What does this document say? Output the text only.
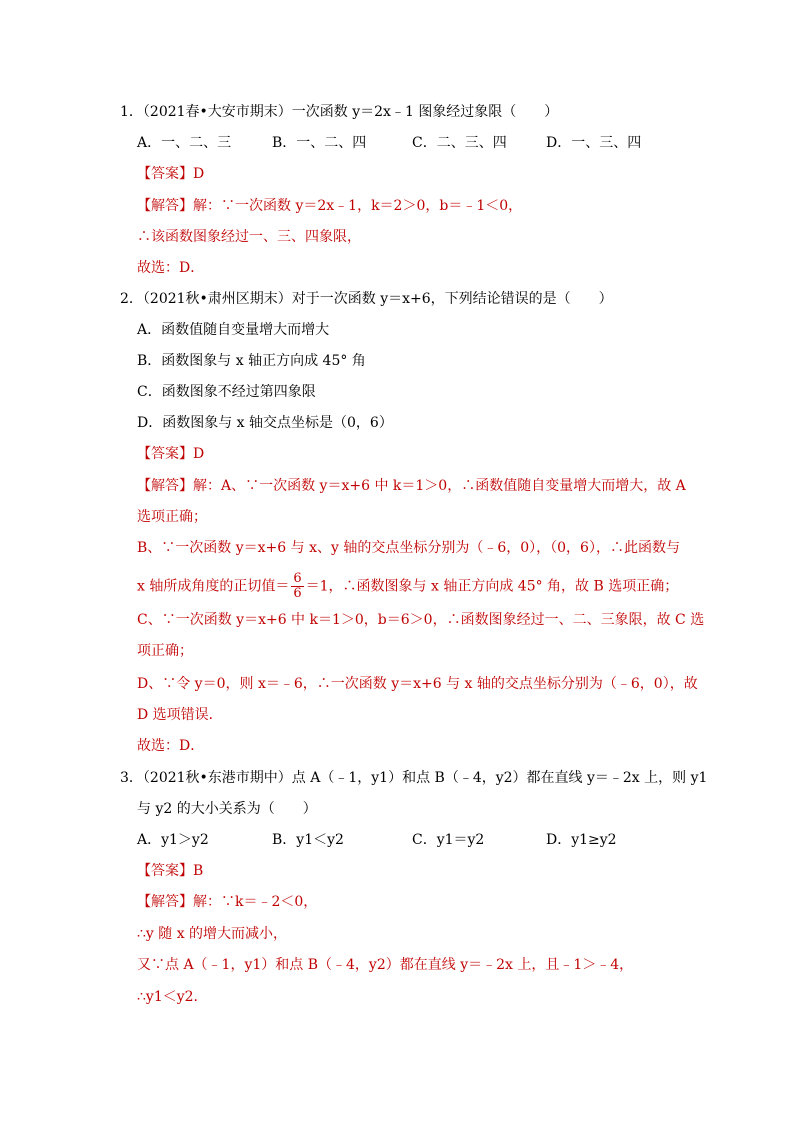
1．（2021春•大安市期末）一次函数 y＝2x﹣1 图象经过象限（　　）
A．一、二、三	B．一、二、四	C．二、三、四	D．一、三、四
【答案】D
【解答】解：∵一次函数 y＝2x﹣1，k＝2＞0，b＝﹣1＜0，
∴该函数图象经过一、三、四象限，
故选：D．
2．（2021秋•肃州区期末）对于一次函数 y＝x+6，下列结论错误的是（　　）
A．函数值随自变量增大而增大
B．函数图象与 x 轴正方向成 45° 角
C．函数图象不经过第四象限
D．函数图象与 x 轴交点坐标是（0，6）
【答案】D
【解答】解：A、∵一次函数 y＝x+6 中 k＝1＞0，∴函数值随自变量增大而增大，故 A
选项正确；
B、∵一次函数 y＝x+6 与 x、y 轴的交点坐标分别为（﹣6，0），（0，6），∴此函数与
x 轴所成角度的正切值＝ $\frac{6}{6} =1$，∴函数图象与 x 轴正方向成 45° 角，故 B 选项正确；
C、∵一次函数 y＝x+6 中 k＝1＞0，b＝6＞0，∴函数图象经过一、二、三象限，故 C 选
项正确；
D、∵令 y＝0，则 x＝﹣6，∴一次函数 y＝x+6 与 x 轴的交点坐标分别为（﹣6，0），故
D 选项错误．
故选：D．
3．（2021秋•东港市期中）点 A（﹣1，y1）和点 B（﹣4，y2）都在直线 y＝﹣2x 上，则 y1
与 y2 的大小关系为（　　）
A．y1＞y2	B．y1＜y2	C．y1＝y2	D．y1≥y2
【答案】B
【解答】解：∵k＝﹣2＜0，
∴y 随 x 的增大而减小，
又∵点 A（﹣1，y1）和点 B（﹣4，y2）都在直线 y＝﹣2x 上，且﹣1＞﹣4，
∴y1＜y2．
